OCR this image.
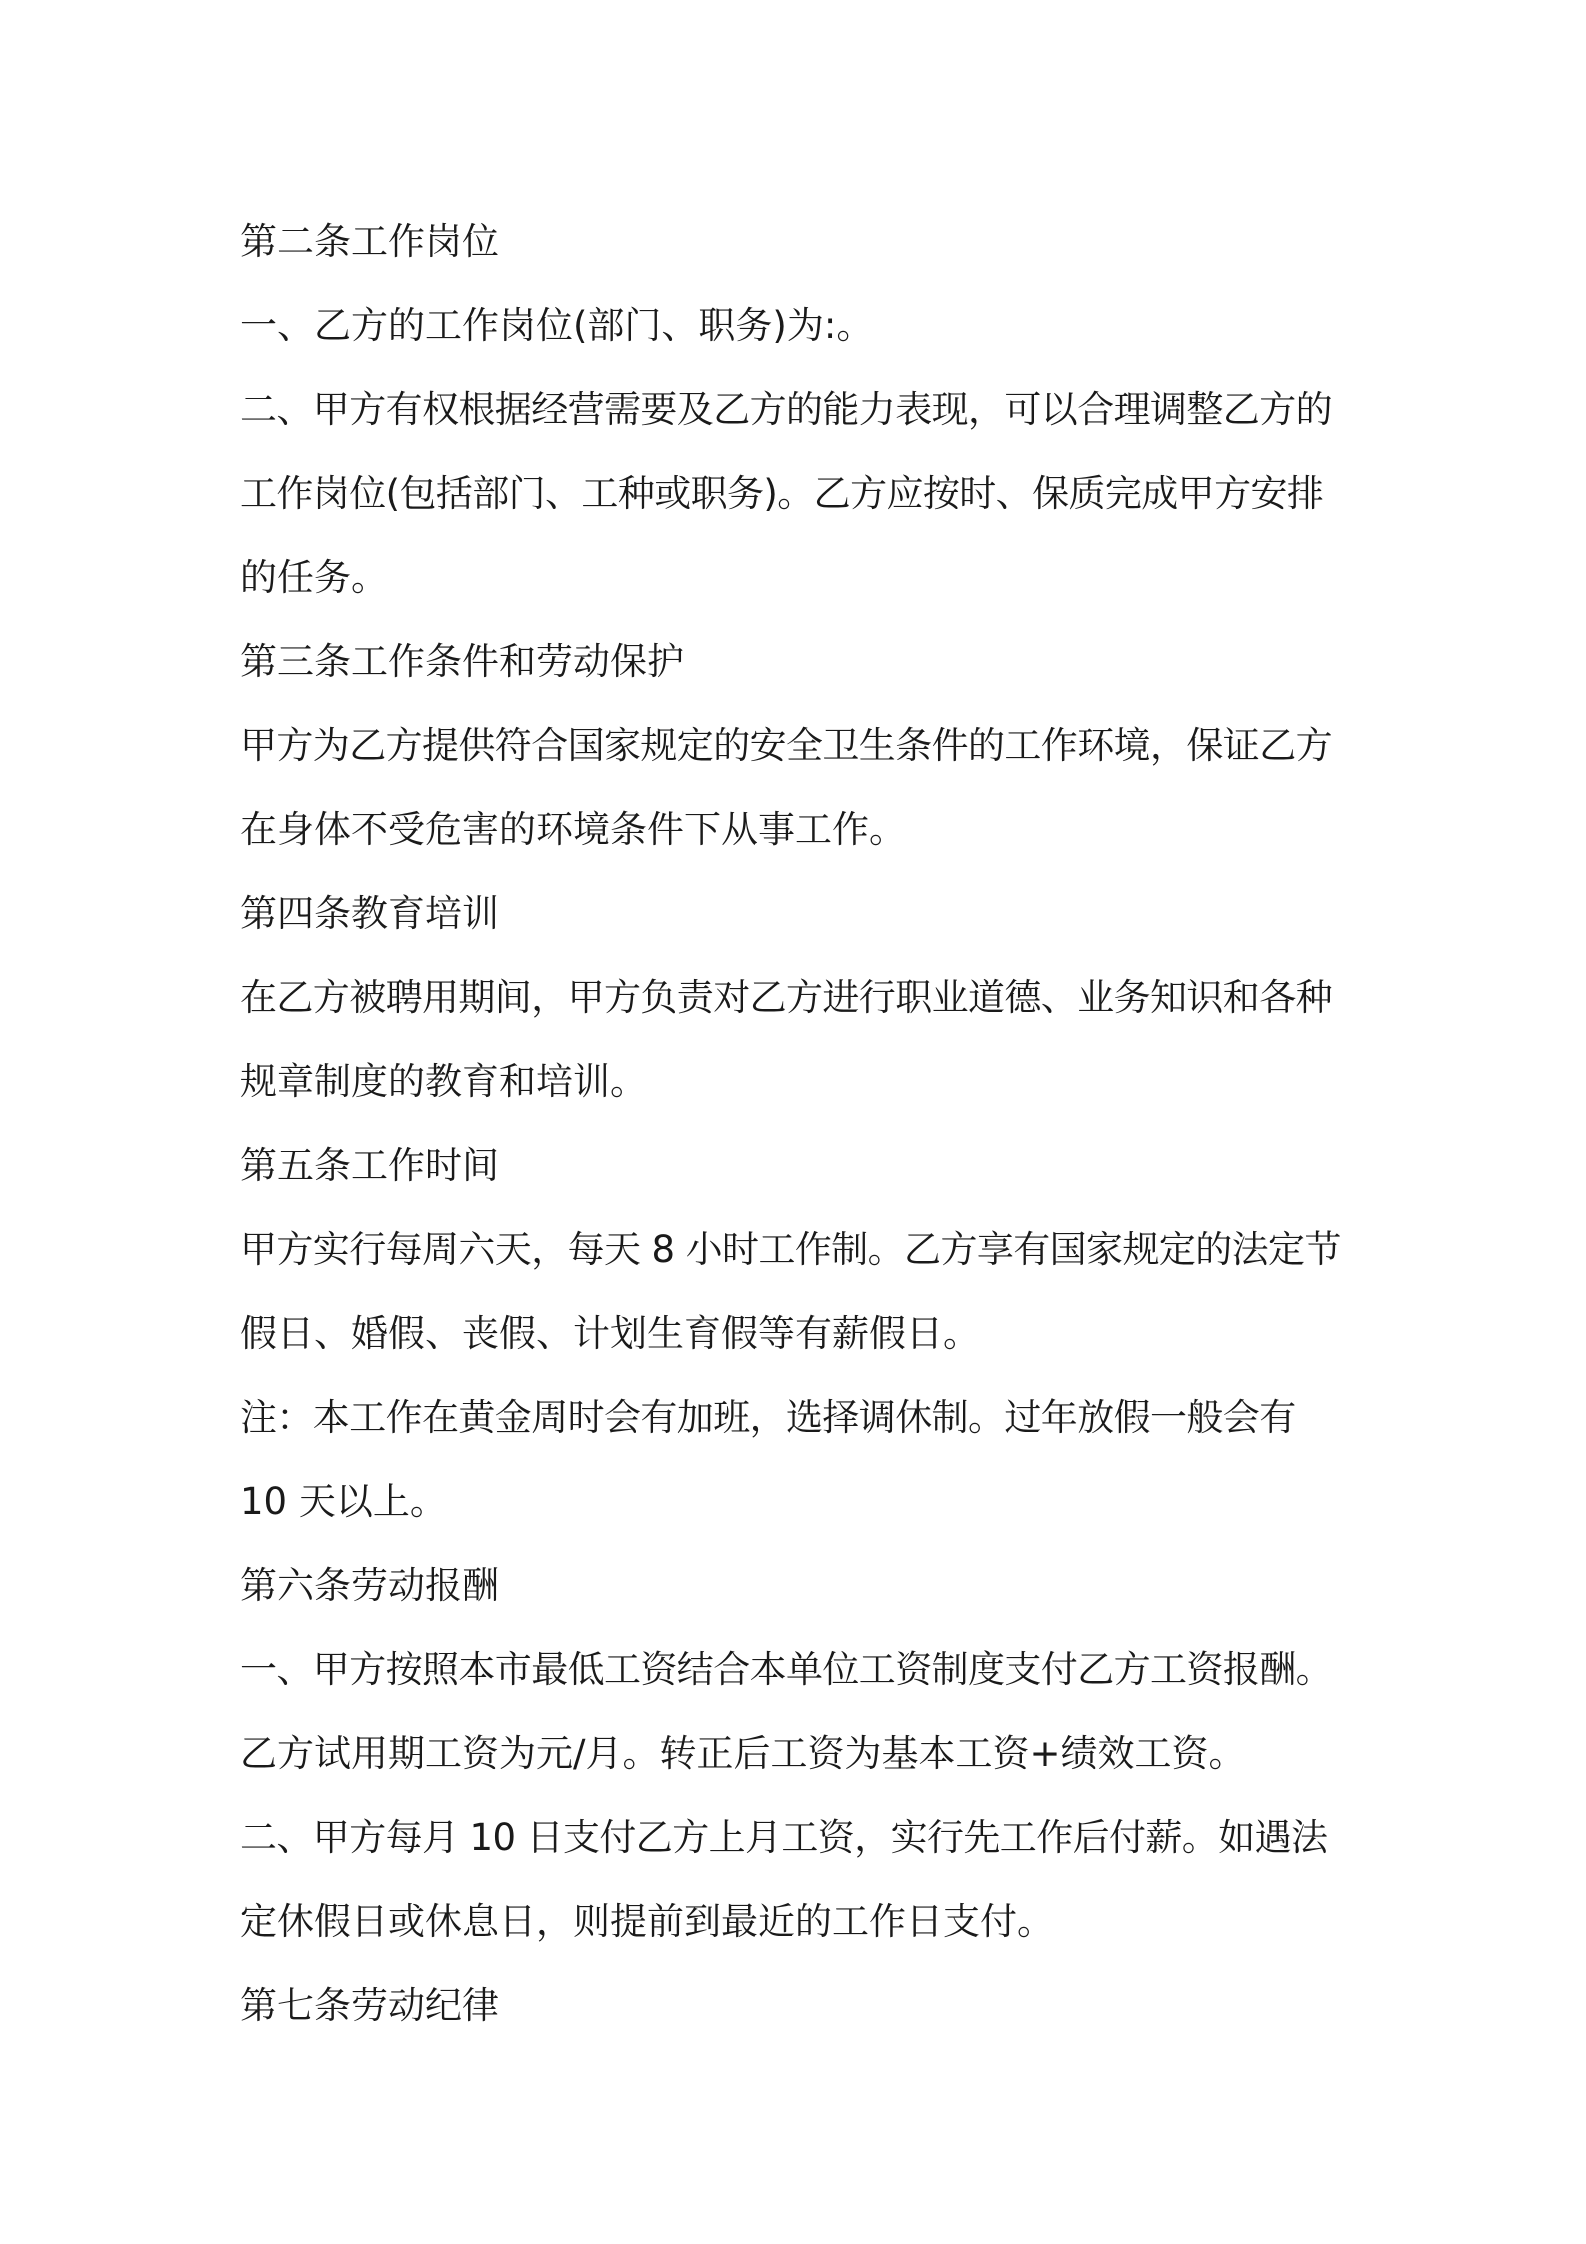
第二条工作岗位

一、乙方的工作岗位(部门、职务)为:。

二、甲方有权根据经营需要及乙方的能力表现，可以合理调整乙方的

工作岗位(包括部门、工种或职务)。乙方应按时、保质完成甲方安排

的任务。

第三条工作条件和劳动保护

甲方为乙方提供符合国家规定的安全卫生条件的工作环境，保证乙方

在身体不受危害的环境条件下从事工作。

第四条教育培训

在乙方被聘用期间，甲方负责对乙方进行职业道德、业务知识和各种

规章制度的教育和培训。

第五条工作时间

甲方实行每周六天，每天 8 小时工作制。乙方享有国家规定的法定节

假日、婚假、丧假、计划生育假等有薪假日。

注：本工作在黄金周时会有加班，选择调休制。过年放假一般会有

10 天以上。

第六条劳动报酬

一、甲方按照本市最低工资结合本单位工资制度支付乙方工资报酬。

乙方试用期工资为元/月。转正后工资为基本工资+绩效工资。

二、甲方每月 10 日支付乙方上月工资，实行先工作后付薪。如遇法

定休假日或休息日，则提前到最近的工作日支付。

第七条劳动纪律
